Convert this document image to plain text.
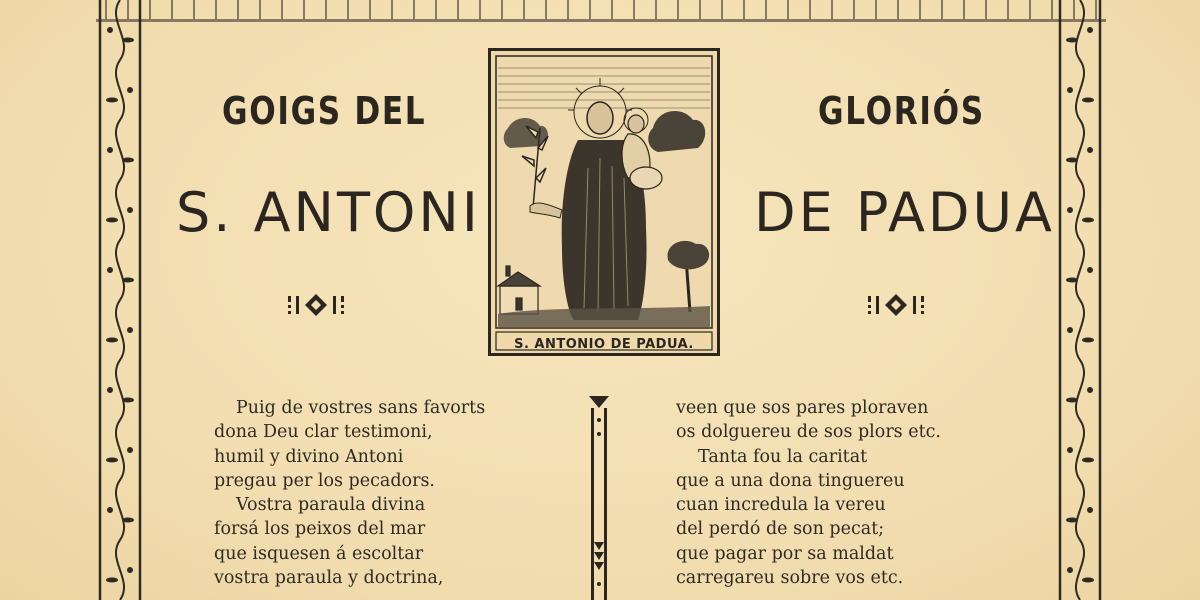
GOIGS DEL	GLORIÓS
S. ANTONI	DE PADUA
S. ANTONIO DE PADUA.
Puig de vostres sans favorts
dona Deu clar testimoni,
humil y divino Antoni
pregau per los pecadors.
Vostra paraula divina
forsá los peixos del mar
que isquesen á escoltar
vostra paraula y doctrina,
veen que sos pares ploraven
os dolguereu de sos plors etc.
Tanta fou la caritat
que a una dona tinguereu
cuan incredula la vereu
del perdó de son pecat;
que pagar por sa maldat
carregareu sobre vos etc.
